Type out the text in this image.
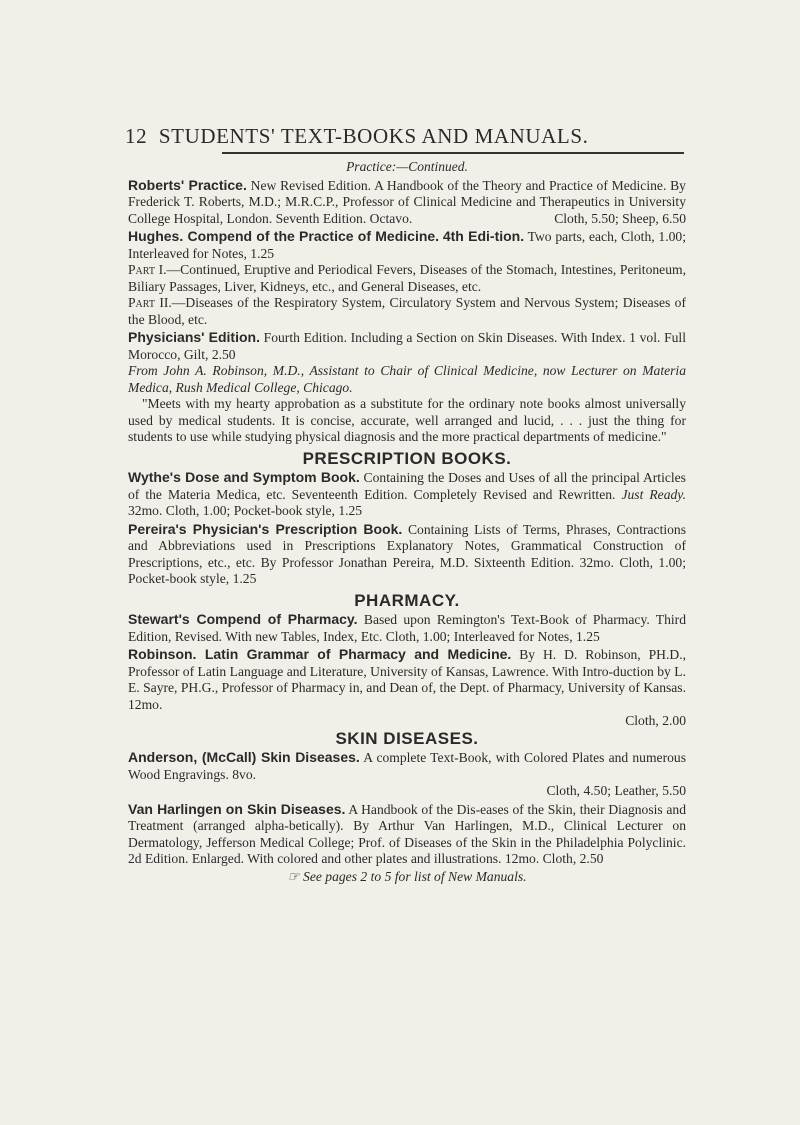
12 STUDENTS' TEXT-BOOKS AND MANUALS.

Practice:—Continued.

Roberts' Practice. New Revised Edition. A Handbook of the Theory and Practice of Medicine. By Frederick T. Roberts, M.D.; M.R.C.P., Professor of Clinical Medicine and Therapeutics in University College Hospital, London. Seventh Edition. Octavo.	Cloth, 5.50; Sheep, 6.50

Hughes. Compend of the Practice of Medicine. 4th Edi-tion. Two parts, each, Cloth, 1.00; Interleaved for Notes, 1.25

Part I.—Continued, Eruptive and Periodical Fevers, Diseases of the Stomach, Intestines, Peritoneum, Biliary Passages, Liver, Kidneys, etc., and General Diseases, etc.

Part II.—Diseases of the Respiratory System, Circulatory System and Nervous System; Diseases of the Blood, etc.

Physicians' Edition. Fourth Edition. Including a Section on Skin Diseases. With Index. 1 vol. Full Morocco, Gilt, 2.50

From John A. Robinson, M.D., Assistant to Chair of Clinical Medicine, now Lecturer on Materia Medica, Rush Medical College, Chicago.

"Meets with my hearty approbation as a substitute for the ordinary note books almost universally used by medical students. It is concise, accurate, well arranged and lucid, . . . just the thing for students to use while studying physical diagnosis and the more practical departments of medicine."

PRESCRIPTION BOOKS.

Wythe's Dose and Symptom Book. Containing the Doses and Uses of all the principal Articles of the Materia Medica, etc. Seventeenth Edition. Completely Revised and Rewritten. Just Ready. 32mo. Cloth, 1.00; Pocket-book style, 1.25

Pereira's Physician's Prescription Book. Containing Lists of Terms, Phrases, Contractions and Abbreviations used in Prescriptions Explanatory Notes, Grammatical Construction of Prescriptions, etc., etc. By Professor Jonathan Pereira, M.D. Sixteenth Edition. 32mo. Cloth, 1.00; Pocket-book style, 1.25

PHARMACY.

Stewart's Compend of Pharmacy. Based upon Remington's Text-Book of Pharmacy. Third Edition, Revised. With new Tables, Index, Etc. Cloth, 1.00; Interleaved for Notes, 1.25

Robinson. Latin Grammar of Pharmacy and Medicine. By H. D. Robinson, PH.D., Professor of Latin Language and Literature, University of Kansas, Lawrence. With Intro-duction by L. E. Sayre, PH.G., Professor of Pharmacy in, and Dean of, the Dept. of Pharmacy, University of Kansas. 12mo.

Cloth, 2.00

SKIN DISEASES.

Anderson, (McCall) Skin Diseases. A complete Text-Book, with Colored Plates and numerous Wood Engravings. 8vo.

Cloth, 4.50; Leather, 5.50

Van Harlingen on Skin Diseases. A Handbook of the Dis-eases of the Skin, their Diagnosis and Treatment (arranged alpha-betically). By Arthur Van Harlingen, M.D., Clinical Lecturer on Dermatology, Jefferson Medical College; Prof. of Diseases of the Skin in the Philadelphia Polyclinic. 2d Edition. Enlarged. With colored and other plates and illustrations. 12mo. Cloth, 2.50

☞ See pages 2 to 5 for list of New Manuals.
